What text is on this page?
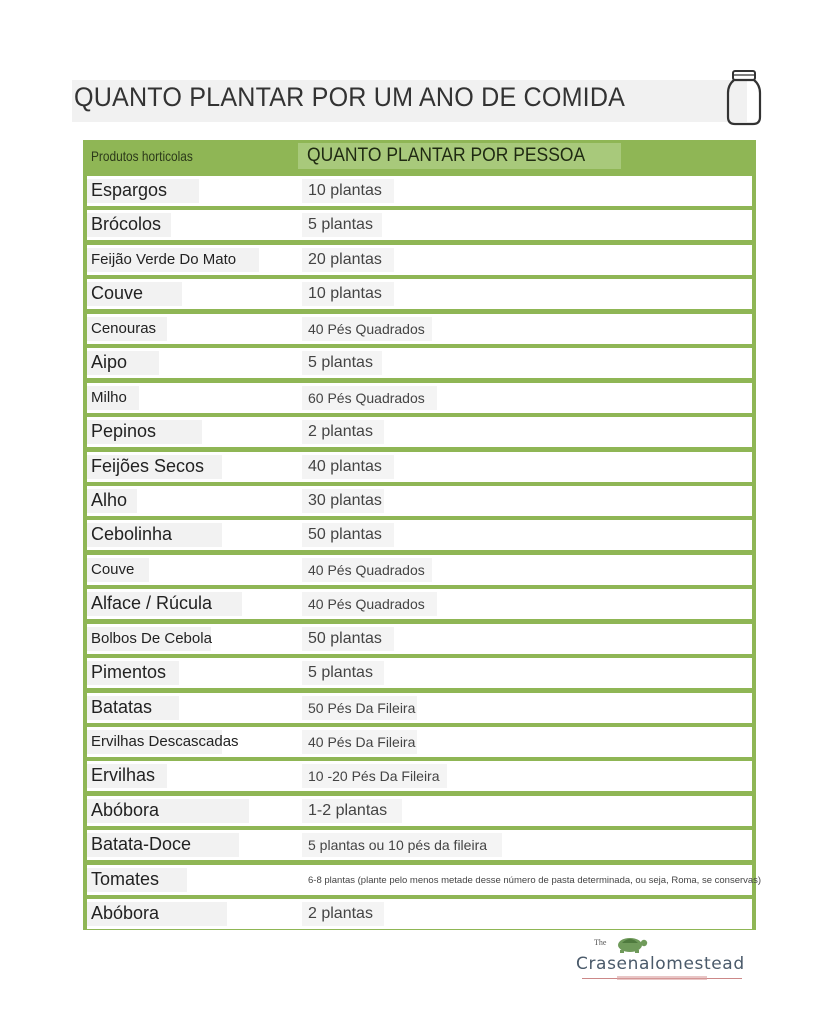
QUANTO PLANTAR POR UM ANO DE COMIDA
Produtos horticolas	QUANTO PLANTAR POR PESSOA
Espargos	10 plantas
Brócolos	5 plantas
Feijão Verde Do Mato	20 plantas
Couve	10 plantas
Cenouras	40 Pés Quadrados
Aipo	5 plantas
Milho	60 Pés Quadrados
Pepinos	2 plantas
Feijões Secos	40 plantas
Alho	30 plantas
Cebolinha	50 plantas
Couve	40 Pés Quadrados
Alface / Rúcula	40 Pés Quadrados
Bolbos De Cebola	50 plantas
Pimentos	5 plantas
Batatas	50 Pés Da Fileira
Ervilhas Descascadas	40 Pés Da Fileira
Ervilhas	10 -20 Pés Da Fileira
Abóbora	1-2 plantas
Batata-Doce	5 plantas ou 10 pés da fileira
Tomates	6-8 plantas (plante pelo menos metade desse número de pasta determinada, ou seja, Roma, se conservas)
Abóbora	2 plantas
The
Crasenalomestead
